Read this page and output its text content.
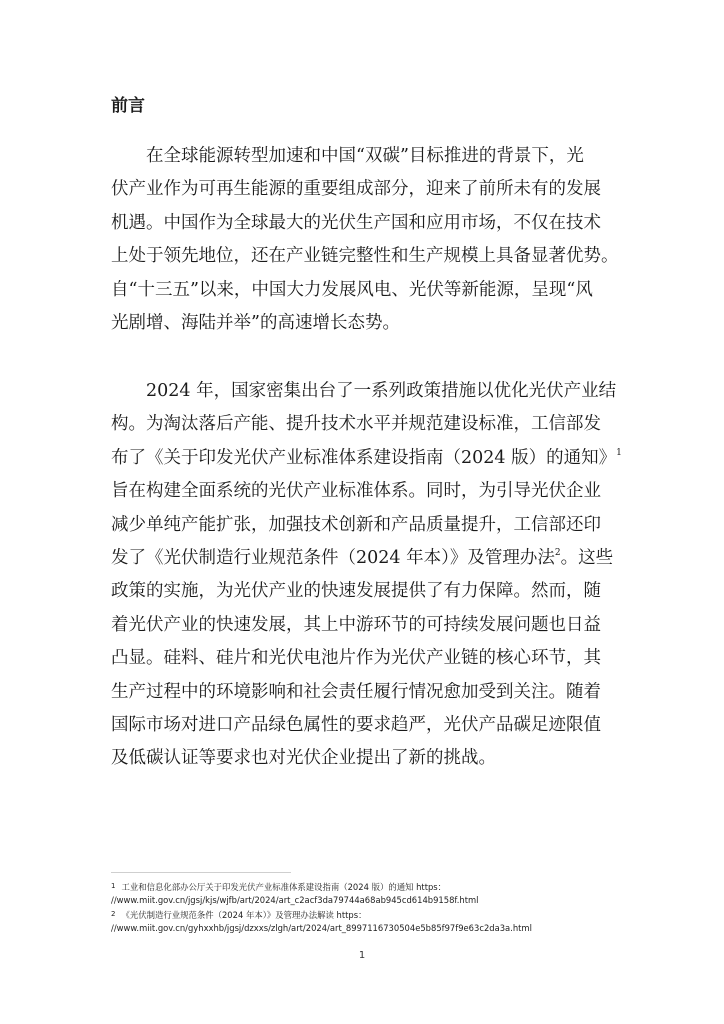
前言
在全球能源转型加速和中国“双碳”目标推进的背景下，光
伏产业作为可再生能源的重要组成部分，迎来了前所未有的发展
机遇。中国作为全球最大的光伏生产国和应用市场，不仅在技术
上处于领先地位，还在产业链完整性和生产规模上具备显著优势。
自“十三五”以来，中国大力发展风电、光伏等新能源，呈现“风
光剧增、海陆并举”的高速增长态势。
2024 年，国家密集出台了一系列政策措施以优化光伏产业结
构。为淘汰落后产能、提升技术水平并规范建设标准，工信部发
布了《关于印发光伏产业标准体系建设指南（2024 版）的通知》$^1$
旨在构建全面系统的光伏产业标准体系。同时，为引导光伏企业
减少单纯产能扩张，加强技术创新和产品质量提升，工信部还印
发了《光伏制造行业规范条件（2024 年本）》及管理办法$^2$。这些
政策的实施，为光伏产业的快速发展提供了有力保障。然而，随
着光伏产业的快速发展，其上中游环节的可持续发展问题也日益
凸显。硅料、硅片和光伏电池片作为光伏产业链的核心环节，其
生产过程中的环境影响和社会责任履行情况愈加受到关注。随着
国际市场对进口产品绿色属性的要求趋严，光伏产品碳足迹限值
及低碳认证等要求也对光伏企业提出了新的挑战。
$^1$ 工业和信息化部办公厅关于印发光伏产业标准体系建设指南（2024 版）的通知 https：
//www.miit.gov.cn/jgsj/kjs/wjfb/art/2024/art_c2acf3da79744a68ab945cd614b9158f.html
$^2$ 《光伏制造行业规范条件（2024 年本）》及管理办法解读 https：
//www.miit.gov.cn/gyhxxhb/jgsj/dzxxs/zlgh/art/2024/art_8997116730504e5b85f97f9e63c2da3a.html
1
